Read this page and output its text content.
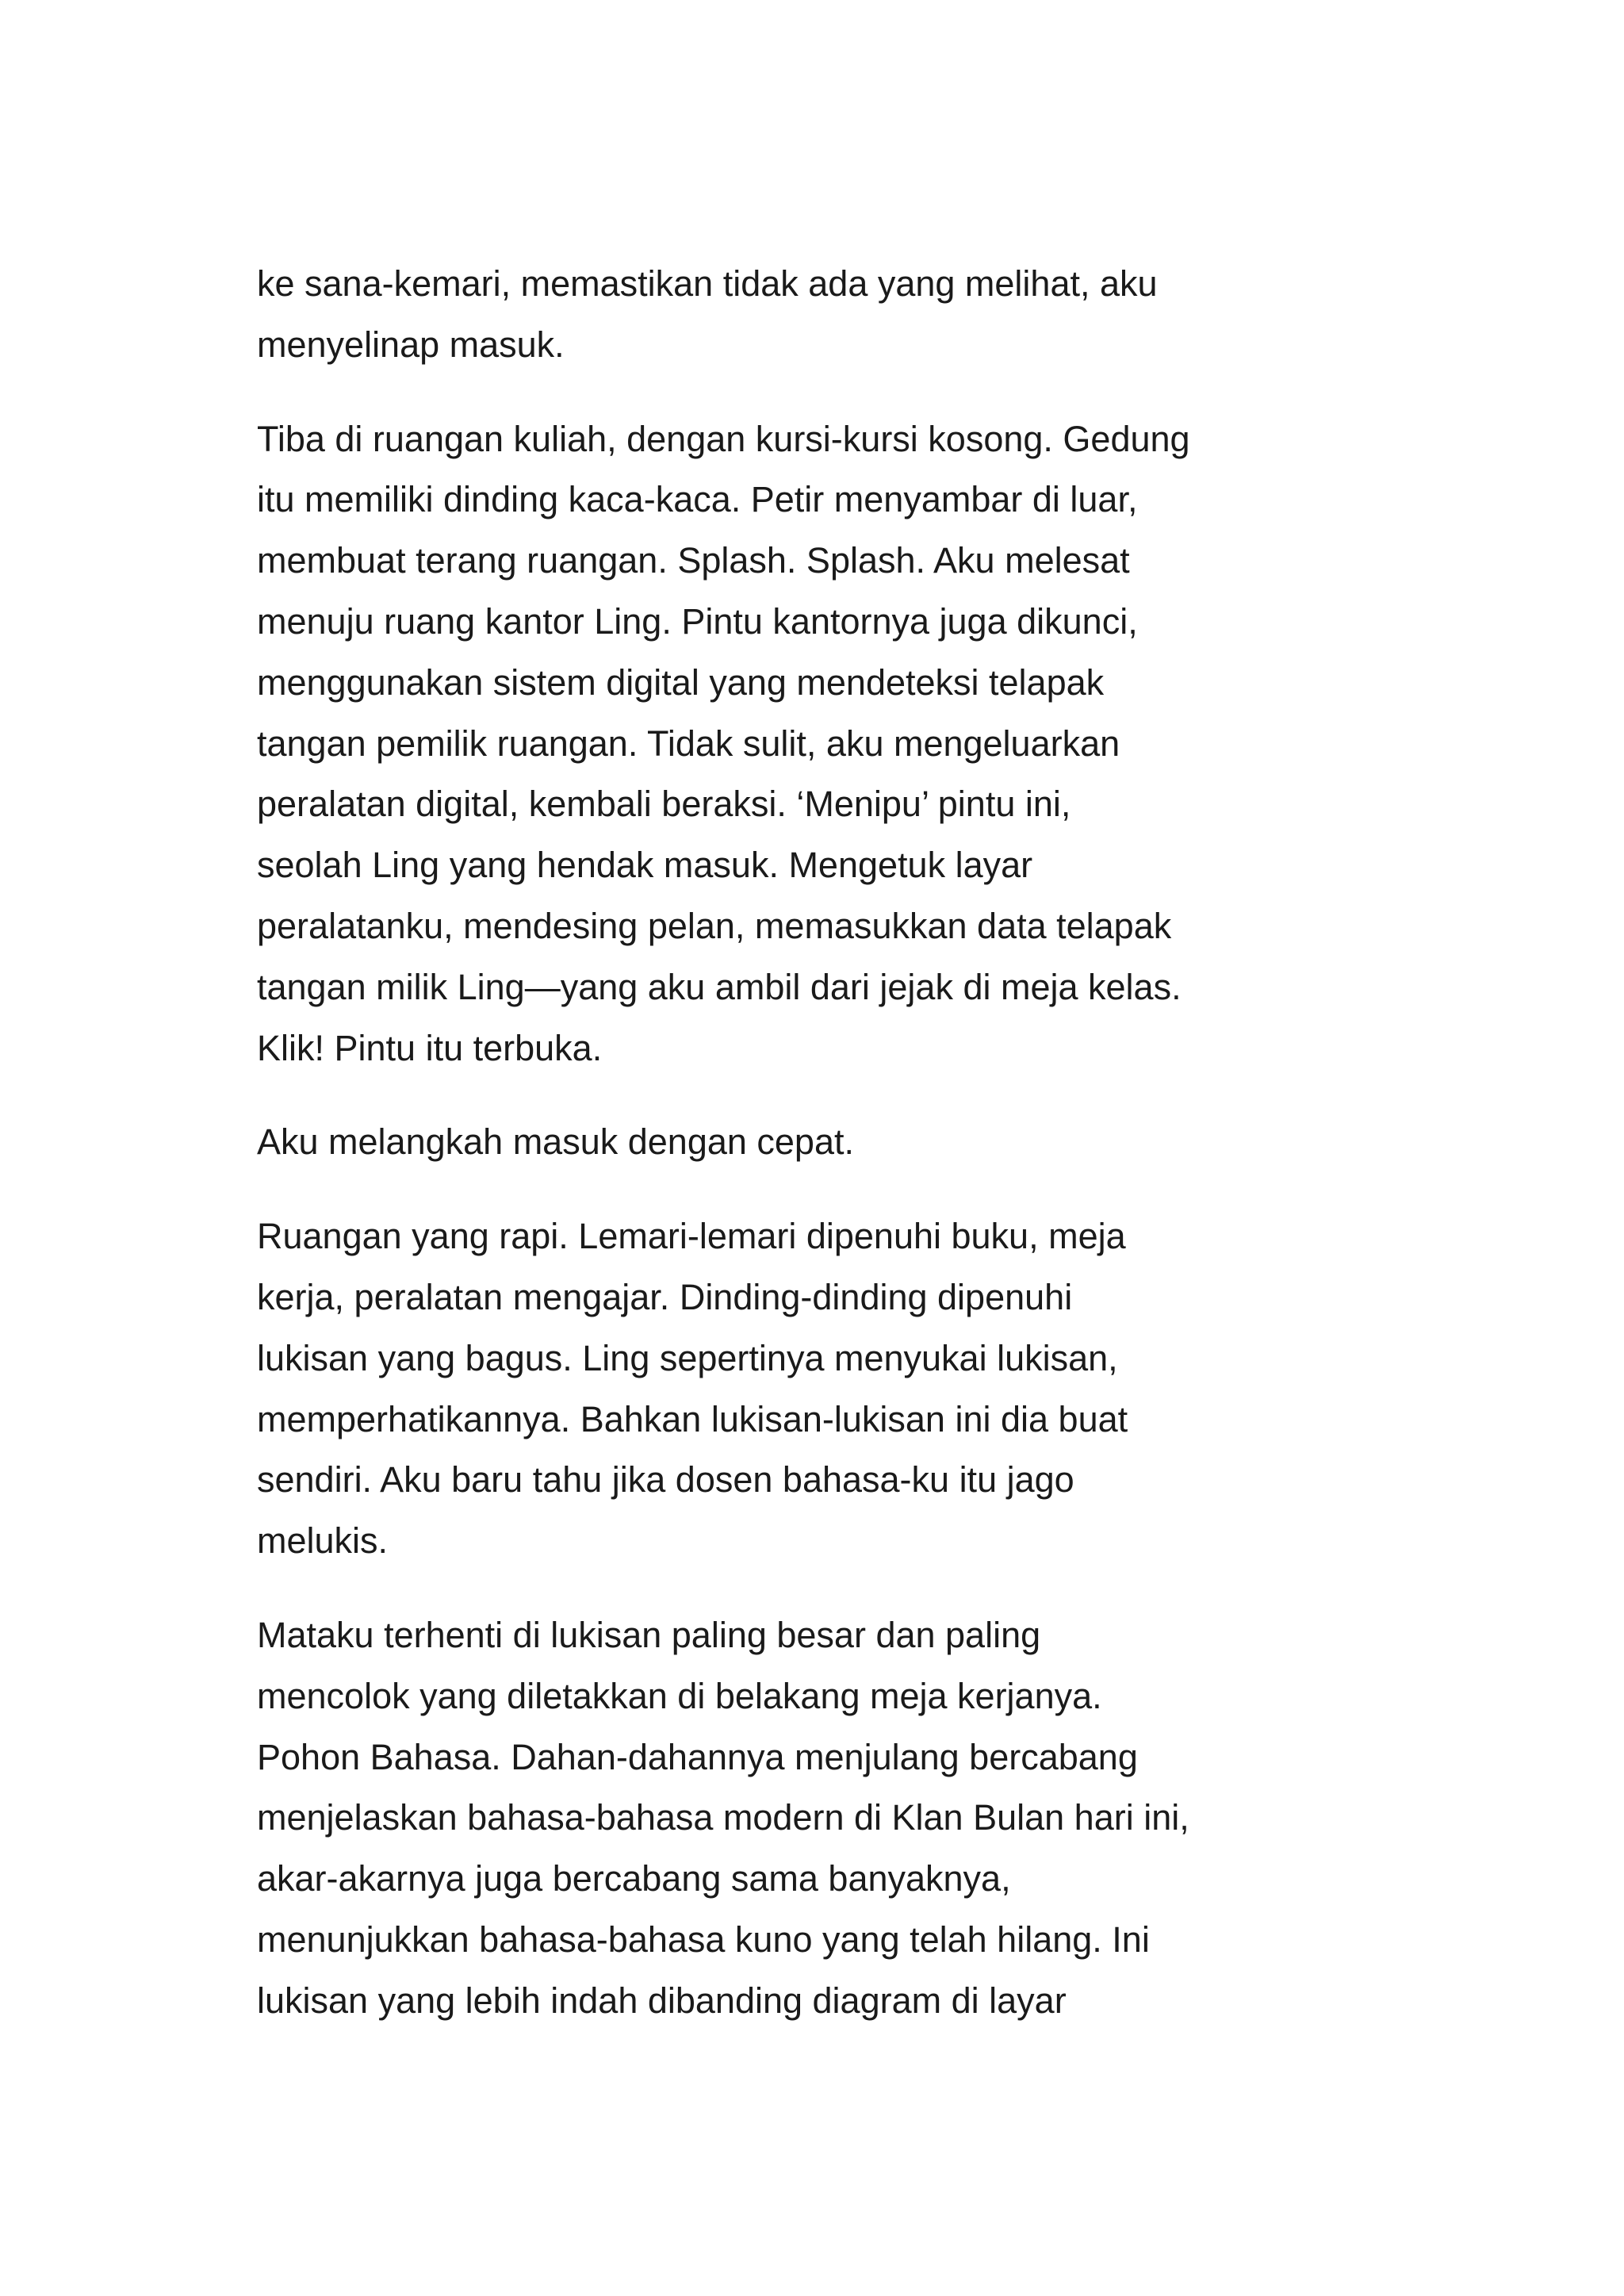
ke sana-kemari, memastikan tidak ada yang melihat, aku
menyelinap masuk.

Tiba di ruangan kuliah, dengan kursi-kursi kosong. Gedung
itu memiliki dinding kaca-kaca. Petir menyambar di luar,
membuat terang ruangan. Splash. Splash. Aku melesat
menuju ruang kantor Ling. Pintu kantornya juga dikunci,
menggunakan sistem digital yang mendeteksi telapak
tangan pemilik ruangan. Tidak sulit, aku mengeluarkan
peralatan digital, kembali beraksi. ‘Menipu’ pintu ini,
seolah Ling yang hendak masuk. Mengetuk layar
peralatanku, mendesing pelan, memasukkan data telapak
tangan milik Ling—yang aku ambil dari jejak di meja kelas.
Klik! Pintu itu terbuka.

Aku melangkah masuk dengan cepat.

Ruangan yang rapi. Lemari-lemari dipenuhi buku, meja
kerja, peralatan mengajar. Dinding-dinding dipenuhi
lukisan yang bagus. Ling sepertinya menyukai lukisan,
memperhatikannya. Bahkan lukisan-lukisan ini dia buat
sendiri. Aku baru tahu jika dosen bahasa-ku itu jago
melukis.

Mataku terhenti di lukisan paling besar dan paling
mencolok yang diletakkan di belakang meja kerjanya.
Pohon Bahasa. Dahan-dahannya menjulang bercabang
menjelaskan bahasa-bahasa modern di Klan Bulan hari ini,
akar-akarnya juga bercabang sama banyaknya,
menunjukkan bahasa-bahasa kuno yang telah hilang. Ini
lukisan yang lebih indah dibanding diagram di layar
